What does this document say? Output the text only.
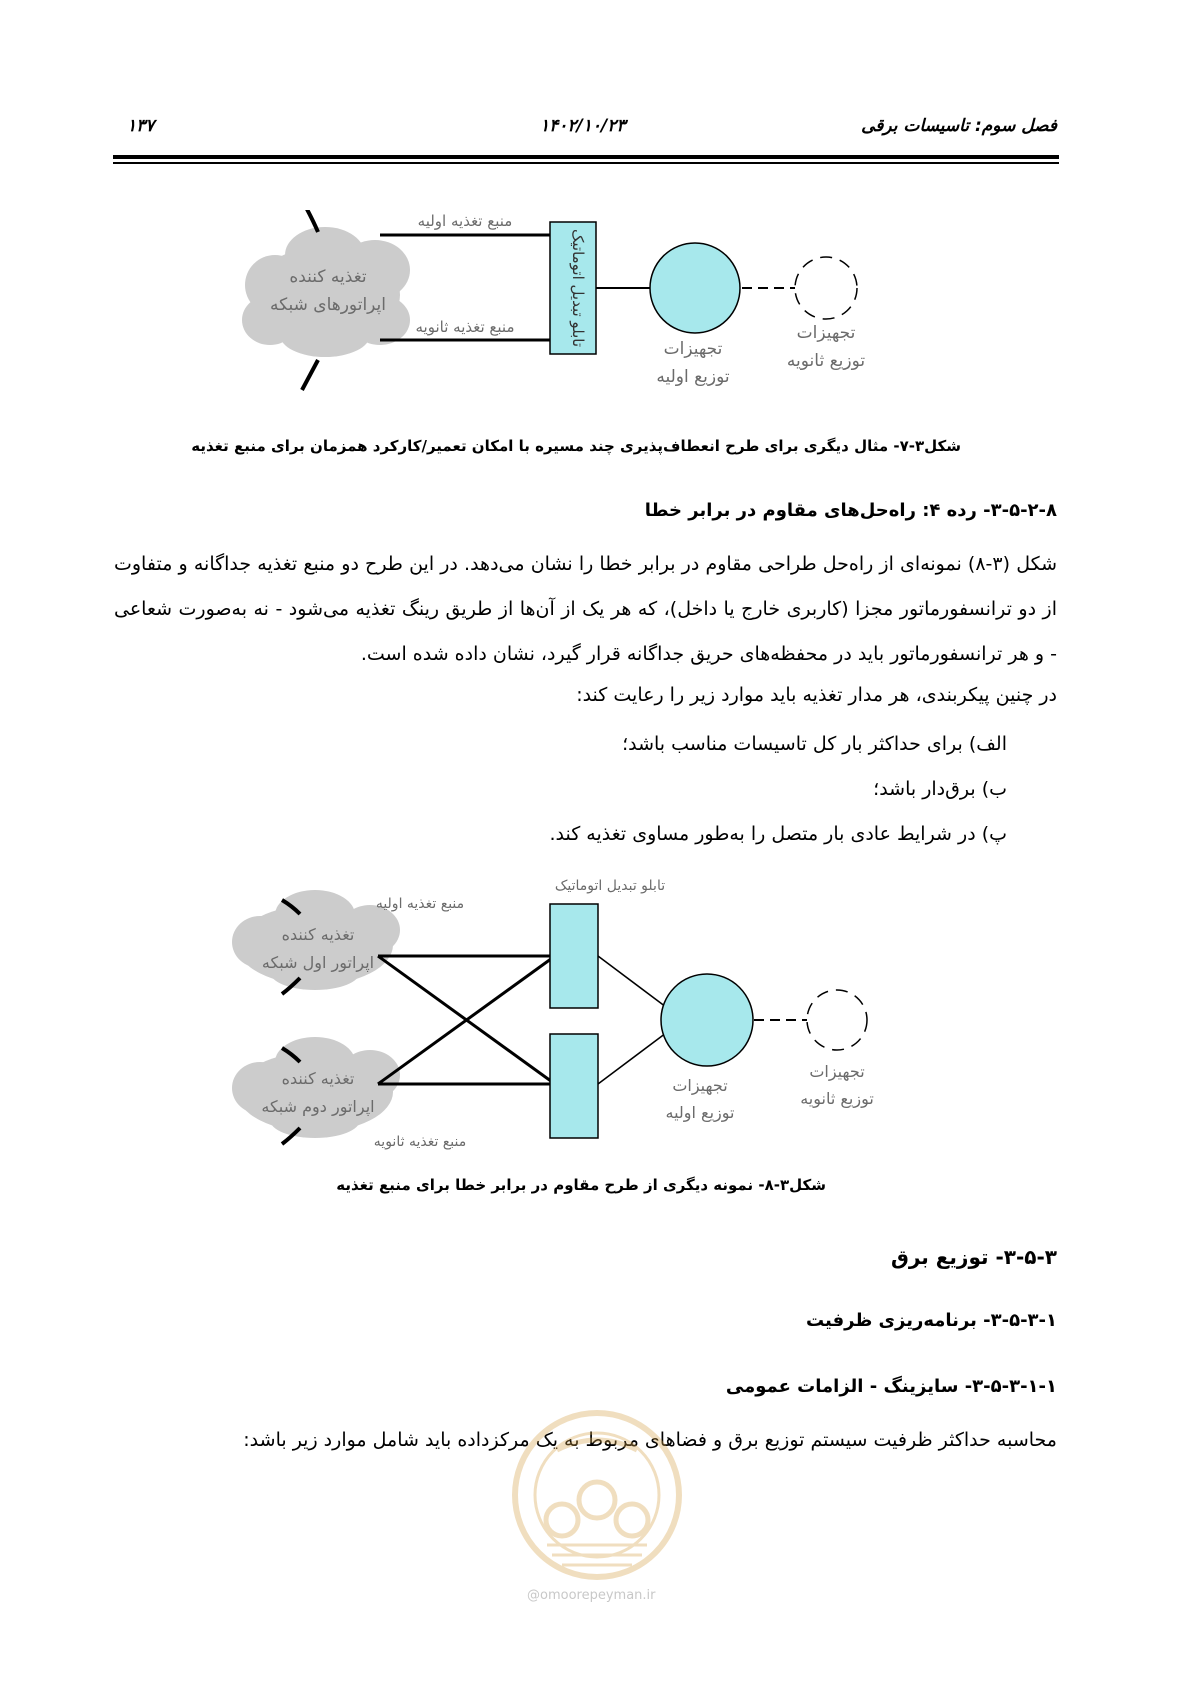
۱۳۷	۱۴۰۲/۱۰/۲۳	فصل سوم: تاسیسات برقی
تغذیه کننده
اپراتورهای شبکه
منبع تغذیه اولیه
منبع تغذیه ثانویه	تابلو تبدیل اتوماتیک
تجهیزات
توزیع اولیه
تجهیزات
توزیع ثانویه
شکل۳-۷- مثال دیگری برای طرح انعطاف‌پذیری چند مسیره با امکان تعمیر/کارکرد همزمان برای منبع تغذیه
۳-۵-۲-۸- رده ۴: راه‌حل‌های مقاوم در برابر خطا
شکل (۳-۸) نمونه‌ای از راه‌حل طراحی مقاوم در برابر خطا را نشان می‌دهد. در این طرح دو منبع تغذیه جداگانه و متفاوت از دو ترانسفورماتور مجزا (کاربری خارج یا داخل)، که هر یک از آن‌ها از طریق رینگ تغذیه می‌شود - نه به‌صورت شعاعی - و هر ترانسفورماتور باید در محفظه‌های حریق جداگانه قرار گیرد، نشان داده شده است.
در چنین پیکربندی، هر مدار تغذیه باید موارد زیر را رعایت کند:
الف) برای حداکثر بار کل تاسیسات مناسب باشد؛
ب) برق‌دار باشد؛
پ) در شرایط عادی بار متصل را به‌طور مساوی تغذیه کند.
تابلو تبدیل اتوماتیک
تغذیه کننده
اپراتور اول شبکه
منبع تغذیه اولیه
تغذیه کننده
اپراتور دوم شبکه
منبع تغذیه ثانویه
تجهیزات
توزیع اولیه
تجهیزات
توزیع ثانویه
شکل۳-۸- نمونه دیگری از طرح مقاوم در برابر خطا برای منبع تغذیه
۳-۵-۳- توزیع برق
۳-۵-۳-۱- برنامه‌ریزی ظرفیت
۳-۵-۳-۱-۱- سایزینگ - الزامات عمومی
محاسبه حداکثر ظرفیت سیستم توزیع برق و فضاهای مربوط به یک مرکزداده باید شامل موارد زیر باشد:
@omoorepeyman.ir
